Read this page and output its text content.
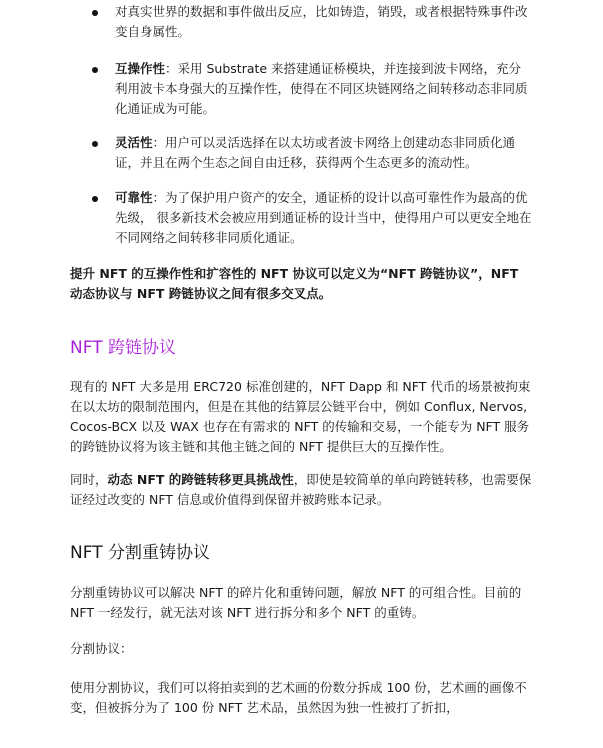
对真实世界的数据和事件做出反应，比如铸造，销毁，或者根据特殊事件改变自身属性。

互操作性：采用 Substrate 来搭建通证桥模块，并连接到波卡网络，充分利用波卡本身强大的互操作性，使得在不同区块链网络之间转移动态非同质化通证成为可能。

灵活性：用户可以灵活选择在以太坊或者波卡网络上创建动态非同质化通证，并且在两个生态之间自由迁移，获得两个生态更多的流动性。

可靠性：为了保护用户资产的安全，通证桥的设计以高可靠性作为最高的优先级， 很多新技术会被应用到通证桥的设计当中，使得用户可以更安全地在不同网络之间转移非同质化通证。

提升 NFT 的互操作性和扩容性的 NFT 协议可以定义为“NFT 跨链协议”，NFT 动态协议与 NFT 跨链协议之间有很多交叉点。

NFT 跨链协议

现有的 NFT 大多是用 ERC720 标准创建的，NFT Dapp 和 NFT 代币的场景被拘束在以太坊的限制范围内，但是在其他的结算层公链平台中，例如 Conflux, Nervos, Cocos-BCX 以及 WAX 也存在有需求的 NFT 的传输和交易，一个能专为 NFT 服务的跨链协议将为该主链和其他主链之间的 NFT 提供巨大的互操作性。

同时，动态 NFT 的跨链转移更具挑战性，即使是较简单的单向跨链转移，也需要保证经过改变的 NFT 信息或价值得到保留并被跨账本记录。

NFT 分割重铸协议

分割重铸协议可以解决 NFT 的碎片化和重铸问题，解放 NFT 的可组合性。目前的 NFT 一经发行，就无法对该 NFT 进行拆分和多个 NFT 的重铸。

分割协议：

使用分割协议，我们可以将拍卖到的艺术画的份数分拆成 100 份，艺术画的画像不变，但被拆分为了 100 份 NFT 艺术品，虽然因为独一性被打了折扣，
